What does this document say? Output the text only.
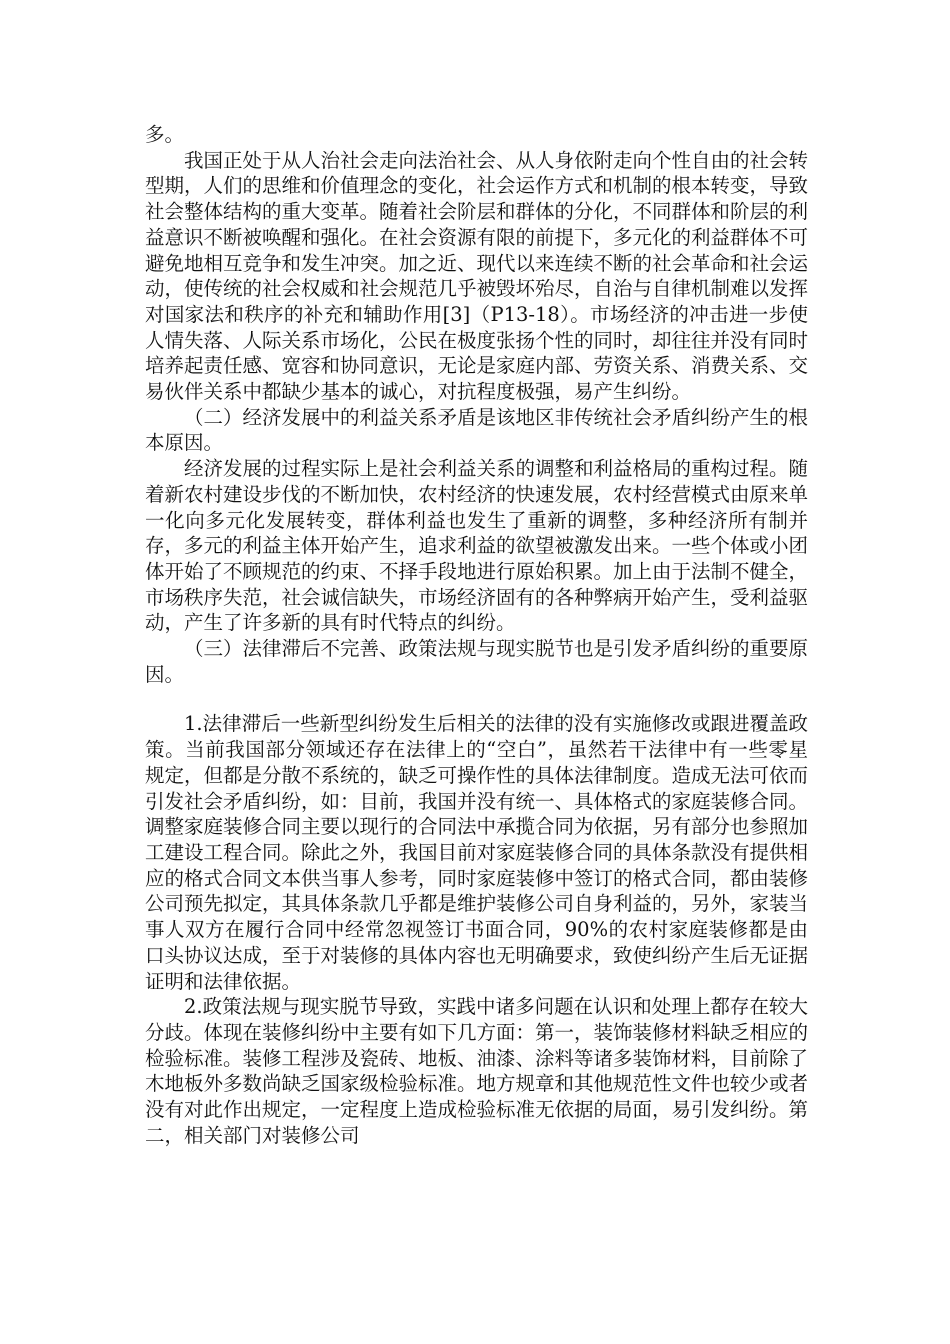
多。

我国正处于从人治社会走向法治社会、从人身依附走向个性自由的社会转型期，人们的思维和价值理念的变化，社会运作方式和机制的根本转变，导致社会整体结构的重大变革。随着社会阶层和群体的分化，不同群体和阶层的利益意识不断被唤醒和强化。在社会资源有限的前提下，多元化的利益群体不可避免地相互竞争和发生冲突。加之近、现代以来连续不断的社会革命和社会运动，使传统的社会权威和社会规范几乎被毁坏殆尽，自治与自律机制难以发挥对国家法和秩序的补充和辅助作用[3]（P13-18）。市场经济的冲击进一步使人情失落、人际关系市场化，公民在极度张扬个性的同时，却往往并没有同时培养起责任感、宽容和协同意识，无论是家庭内部、劳资关系、消费关系、交易伙伴关系中都缺少基本的诚心，对抗程度极强，易产生纠纷。

（二）经济发展中的利益关系矛盾是该地区非传统社会矛盾纠纷产生的根本原因。

经济发展的过程实际上是社会利益关系的调整和利益格局的重构过程。随着新农村建设步伐的不断加快，农村经济的快速发展，农村经营模式由原来单一化向多元化发展转变，群体利益也发生了重新的调整，多种经济所有制并存，多元的利益主体开始产生，追求利益的欲望被激发出来。一些个体或小团体开始了不顾规范的约束、不择手段地进行原始积累。加上由于法制不健全，市场秩序失范，社会诚信缺失，市场经济固有的各种弊病开始产生，受利益驱动，产生了许多新的具有时代特点的纠纷。

（三）法律滞后不完善、政策法规与现实脱节也是引发矛盾纠纷的重要原因。

1.法律滞后一些新型纠纷发生后相关的法律的没有实施修改或跟进覆盖政策。当前我国部分领域还存在法律上的“空白”，虽然若干法律中有一些零星规定，但都是分散不系统的，缺乏可操作性的具体法律制度。造成无法可依而引发社会矛盾纠纷，如：目前，我国并没有统一、具体格式的家庭装修合同。调整家庭装修合同主要以现行的合同法中承揽合同为依据，另有部分也参照加工建设工程合同。除此之外，我国目前对家庭装修合同的具体条款没有提供相应的格式合同文本供当事人参考，同时家庭装修中签订的格式合同，都由装修公司预先拟定，其具体条款几乎都是维护装修公司自身利益的，另外，家装当事人双方在履行合同中经常忽视签订书面合同，90%的农村家庭装修都是由口头协议达成，至于对装修的具体内容也无明确要求，致使纠纷产生后无证据证明和法律依据。

2.政策法规与现实脱节导致，实践中诸多问题在认识和处理上都存在较大分歧。体现在装修纠纷中主要有如下几方面：第一，装饰装修材料缺乏相应的检验标准。装修工程涉及瓷砖、地板、油漆、涂料等诸多装饰材料，目前除了木地板外多数尚缺乏国家级检验标准。地方规章和其他规范性文件也较少或者没有对此作出规定，一定程度上造成检验标准无依据的局面，易引发纠纷。第二，相关部门对装修公司
